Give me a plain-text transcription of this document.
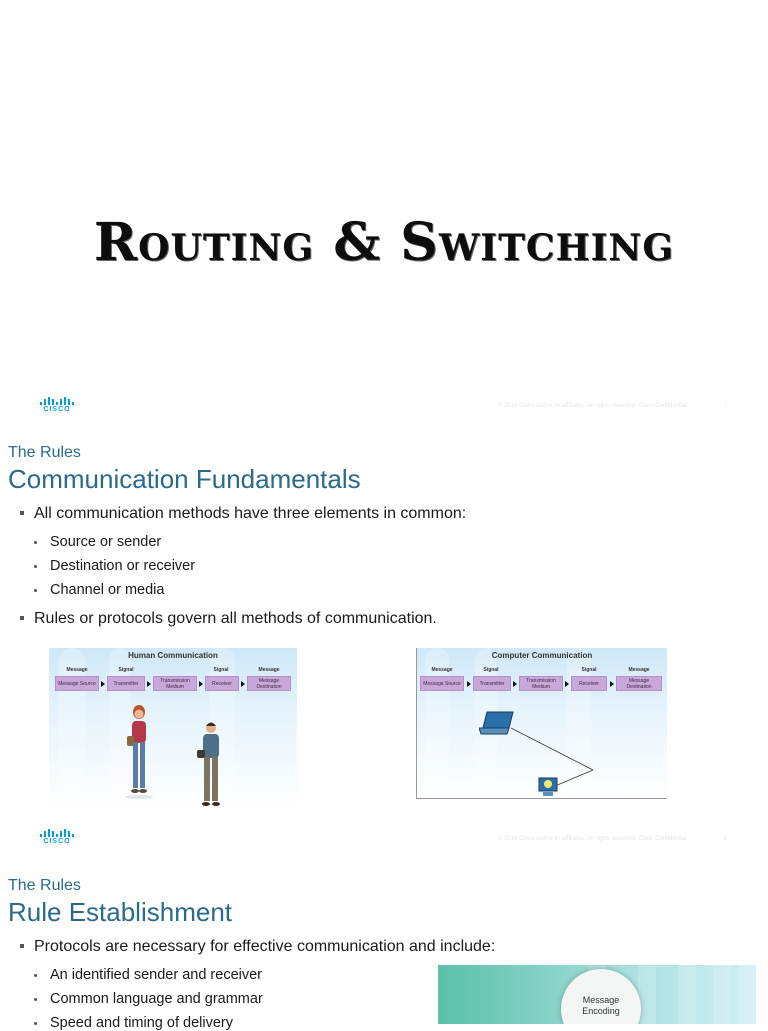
Routing & Switching
CISCO	© 2016 Cisco and/or its affiliates. All rights reserved. Cisco Confidential	7
The Rules
Communication Fundamentals
All communication methods have three elements in common:
Source or sender
Destination or receiver
Channel or media
Rules or protocols govern all methods of communication.
Human Communication
Message	Signal	Signal	Message
Message Source	Transmitter	Transmission Medium	Receiver	Message Destination
Computer Communication
Message	Signal	Signal	Message
Message Source	Transmitter	Transmission Medium	Receiver	Message Destination
CISCO	© 2016 Cisco and/or its affiliates. All rights reserved. Cisco Confidential	8
The Rules
Rule Establishment
Protocols are necessary for effective communication and include:
An identified sender and receiver
Common language and grammar
Speed and timing of delivery
Message
Encoding
